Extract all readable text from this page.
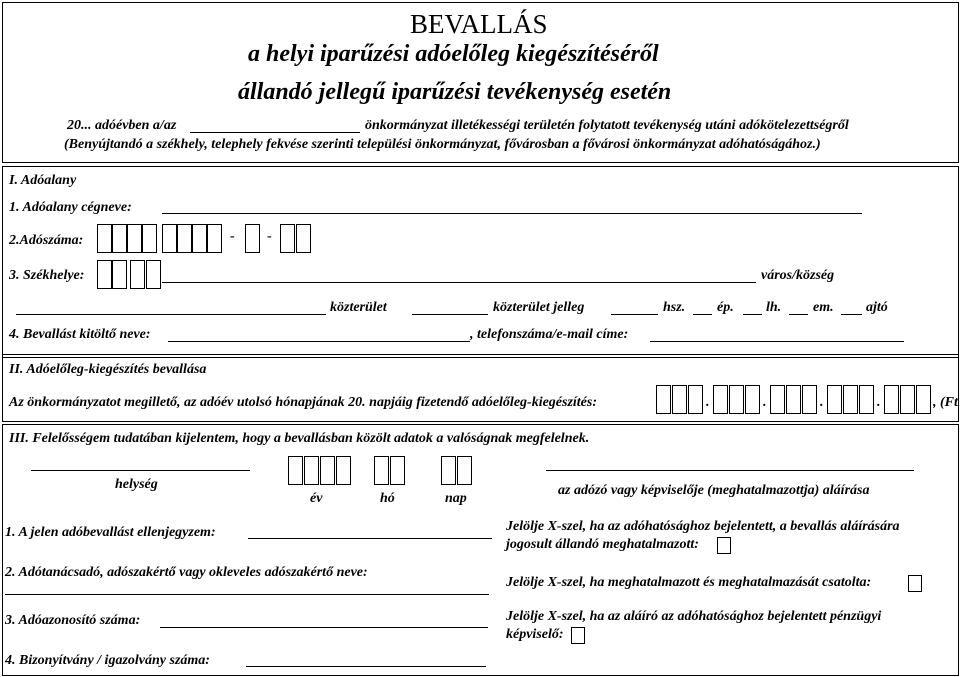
BEVALLÁS
a helyi iparűzési adóelőleg kiegészítéséről
állandó jellegű iparűzési tevékenység esetén
20... adóévben a/az	önkormányzat illetékességi területén folytatott tevékenység utáni adókötelezettségről
(Benyújtandó a székhely, telephely fekvése szerinti települési önkormányzat, fővárosban a fővárosi önkormányzat adóhatóságához.)
I. Adóalany
1. Adóalany cégneve:
2.Adószáma:	- -
3. Székhelye:	város/község
közterület	közterület jelleg	hsz. ép. lh. em. ajtó
4. Bevallást kitöltő neve:	, telefonszáma/e-mail címe:
II. Adóelőleg-kiegészítés bevallása
Az önkormányzatot megillető, az adóév utolsó hónapjának 20. napjáig fizetendő adóelőleg-kiegészítés:	.	.	.	.	, (Ft
III. Felelősségem tudatában kijelentem, hogy a bevallásban közölt adatok a valóságnak megfelelnek.
helység
év	hó	nap
az adózó vagy képviselője (meghatalmazottja) aláírása
1. A jelen adóbevallást ellenjegyzem:
2. Adótanácsadó, adószakértő vagy okleveles adószakértő neve:
3. Adóazonosító száma:
4. Bizonyítvány / igazolvány száma:
Jelölje X-szel, ha az adóhatósághoz bejelentett, a bevallás aláírására
jogosult állandó meghatalmazott:
Jelölje X-szel, ha meghatalmazott és meghatalmazását csatolta:
Jelölje X-szel, ha az aláíró az adóhatósághoz bejelentett pénzügyi
képviselő:
